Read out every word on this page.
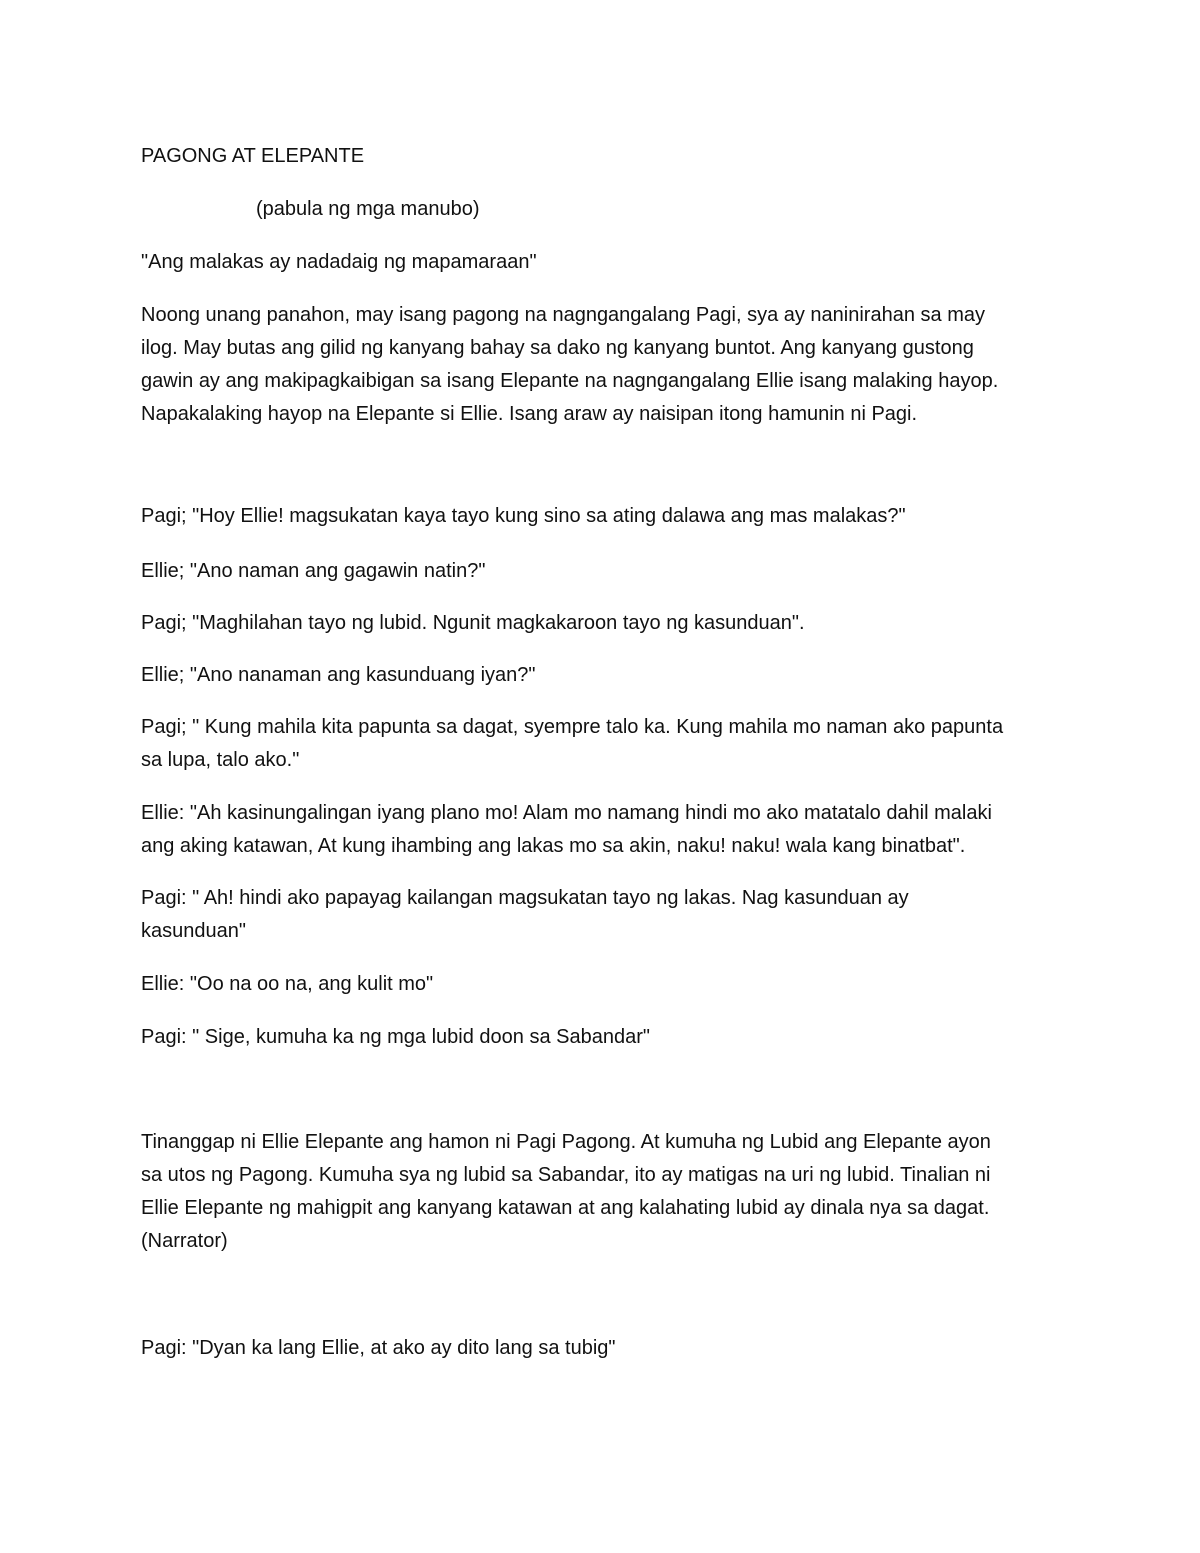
PAGONG AT ELEPANTE
(pabula ng mga manubo)
"Ang malakas ay nadadaig ng mapamaraan"
Noong unang panahon, may isang pagong na nagngangalang Pagi, sya ay naninirahan sa may
ilog. May butas ang gilid ng kanyang bahay sa dako ng kanyang buntot. Ang kanyang gustong
gawin ay ang makipagkaibigan sa isang Elepante na nagngangalang Ellie isang malaking hayop.
Napakalaking hayop na Elepante si Ellie. Isang araw ay naisipan itong hamunin ni Pagi.
Pagi; "Hoy Ellie! magsukatan kaya tayo kung sino sa ating dalawa ang mas malakas?"
Ellie; "Ano naman ang gagawin natin?"
Pagi; "Maghilahan tayo ng lubid. Ngunit magkakaroon tayo ng kasunduan".
Ellie; "Ano nanaman ang kasunduang iyan?"
Pagi; " Kung mahila kita papunta sa dagat, syempre talo ka. Kung mahila mo naman ako papunta
sa lupa, talo ako."
Ellie: "Ah kasinungalingan iyang plano mo! Alam mo namang hindi mo ako matatalo dahil malaki
ang aking katawan, At kung ihambing ang lakas mo sa akin, naku! naku! wala kang binatbat".
Pagi: " Ah! hindi ako papayag kailangan magsukatan tayo ng lakas. Nag kasunduan ay
kasunduan"
Ellie: "Oo na oo na, ang kulit mo"
Pagi: " Sige, kumuha ka ng mga lubid doon sa Sabandar"
Tinanggap ni Ellie Elepante ang hamon ni Pagi Pagong. At kumuha ng Lubid ang Elepante ayon
sa utos ng Pagong. Kumuha sya ng lubid sa Sabandar, ito ay matigas na uri ng lubid. Tinalian ni
Ellie Elepante ng mahigpit ang kanyang katawan at ang kalahating lubid ay dinala nya sa dagat.
(Narrator)
Pagi: "Dyan ka lang Ellie, at ako ay dito lang sa tubig"
